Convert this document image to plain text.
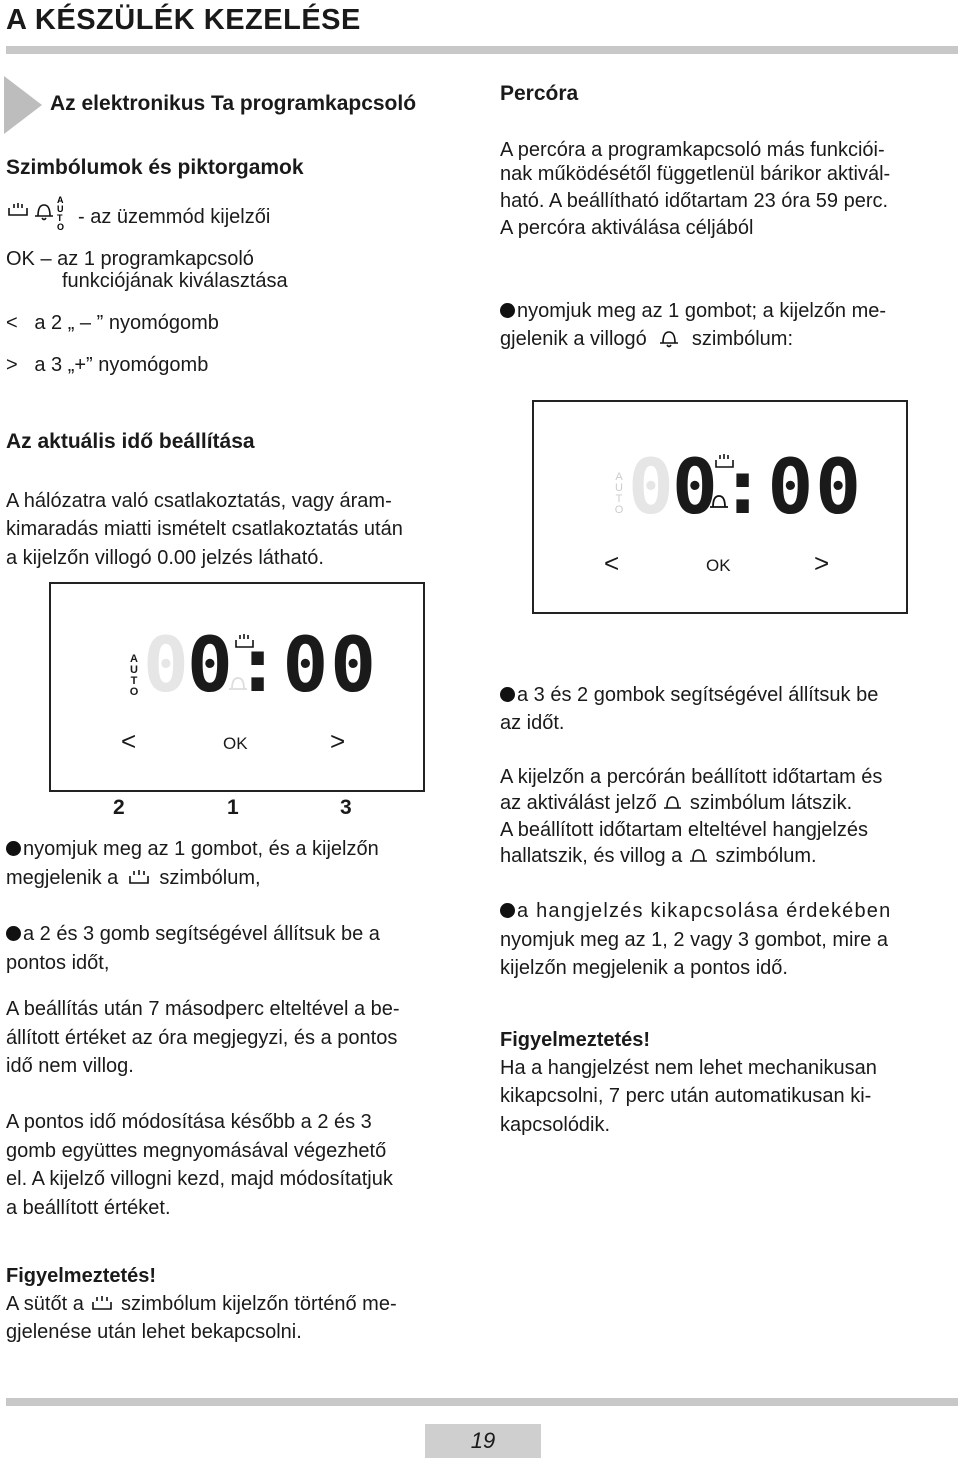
A KÉSZÜLÉK KEZELÉSE
Az elektronikus Ta programkapcsoló
Szimbólumok és piktorgamok
A
U
T
O - az üzemmód kijelzői
OK – az 1 programkapcsoló
funkciójának kiválasztása
<   a 2 „ – ” nyomógomb
>   a 3 „+” nyomógomb
Az aktuális idő beállítása
A hálózatra való csatlakoztatás, vagy áram-
kimaradás miatti ismételt csatlakoztatás után
a kijelzőn villogó 0.00 jelzés látható.
AUTO 0
0:00
<	OK	>
2	1	3
nyomjuk meg az 1 gombot, és a kijelzőn
megjelenik a szimbólum,
a 2 és 3 gomb segítségével állítsuk be a
pontos időt,
A beállítás után 7 másodperc elteltével a be-
állított értéket az óra megjegyzi, és a pontos
idő nem villog.
A pontos idő módosítása később a 2 és 3
gomb együttes megnyomásával végezhető
el. A kijelző villogni kezd, majd módosítatjuk
a beállított értéket.
Figyelmeztetés!
A sütőt a szimbólum kijelzőn történő me-
gjelenése után lehet bekapcsolni.
Percóra
A percóra a programkapcsoló más funkciói-
nak működésétől függetlenül bárikor aktivál-
ható. A beállítható időtartam 23 óra 59 perc.
A percóra aktiválása céljából
nyomjuk meg az 1 gombot; a kijelzőn me-
gjelenik a villogó szimbólum:
AUTO 0
0:00
<	OK	>
a 3 és 2 gombok segítségével állítsuk be
az időt.
A kijelzőn a percórán beállított időtartam és
az aktiválást jelző szimbólum látszik.
A beállított időtartam elteltével hangjelzés
hallatszik, és villog a szimbólum.
a hangjelzés kikapcsolása érdekében
nyomjuk meg az 1, 2 vagy 3 gombot, mire a
kijelzőn megjelenik a pontos idő.
Figyelmeztetés!
Ha a hangjelzést nem lehet mechanikusan
kikapcsolni, 7 perc után automatikusan ki-
kapcsolódik.
19
